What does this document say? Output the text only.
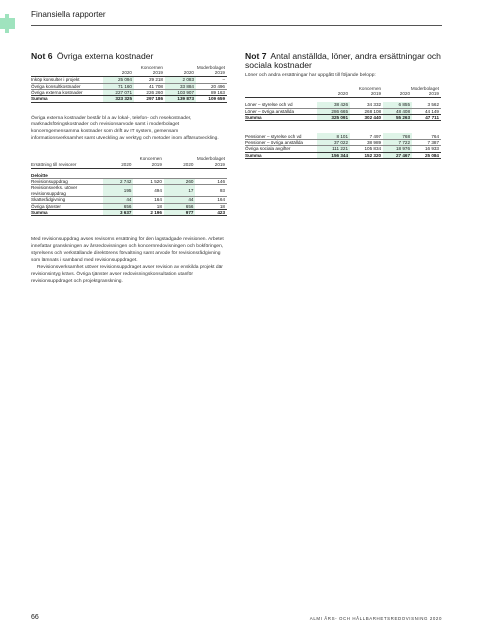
Finansiella rapporter
Not 6 Övriga externa kostnader
	Koncernen		Moderbolaget	
	2020	2019	2020	2019
Inköp konsulter i projekt	25 094	29 218	2 083	–
Övriga konsultkostnader	71 160	41 708	33 884	20 496
Övriga externa kostnader	227 071	226 260	103 907	89 163
Summa	323 325	297 186	139 873	109 659

Övriga externa kostnader består bl a av lokal-, telefon- och resekostnader, marknadsföringskostnader och revisionsarvode samt i moderbolaget koncerngemensamma kostnader som drift av IT system, gemensam informationsverksamhet samt utveckling av verktyg och metoder inom affärsutveckling.

	Koncernen		Moderbolaget	
Ersättning till revisorer	2020	2019	2020	2019

Deloitte				
Revisionsuppdrag	2 742	1 520	260	146
Revisionsverks. utöver revisionsuppdrag	195	494	17	93
Skatterådgivning	44	164	44	164
Övriga tjänster	656	18	656	18
Summa	3 637	2 196	977	423

Med revisionsuppdrag avses revisorns ersättning för den lagstadgade revisionen. Arbetet innefattar granskningen av årsredovisningen och koncernredovisningen och bokföringen, styrelsens och verkställande direktörens förvaltning samt arvode för revisionsrådgivning som lämnats i samband med revisionsuppdraget.

Revisionsverksamhet utöver revisionsuppdraget avser revision av enskilda projekt där revisionsintyg krävs. Övriga tjänster avser redovisningskonsultation utanför revisionsuppdraget och projektgranskning.

Not 7 Antal anställda, löner, andra ersättningar och sociala kostnader

Löner och andra ersättningar har uppgått till följande belopp:

	Koncernen		Moderbolaget	
	2020	2019	2020	2019

Löner – styrelse och vd	38 426	34 332	6 855	3 562
Löner – övriga anställda	286 665	268 108	48 408	44 149
Summa	325 091	302 440	55 263	47 711
Pensioner – styrelse och vd	8 101	7 497	768	764
Pensioner – övriga anställda	37 022	38 989	7 722	7 387
Övriga sociala avgifter	111 221	105 834	18 976	16 933
Summa	156 344	152 320	27 467	25 084
66	ALMI ÅRS- OCH HÅLLBARHETSREDOVISNING 2020
